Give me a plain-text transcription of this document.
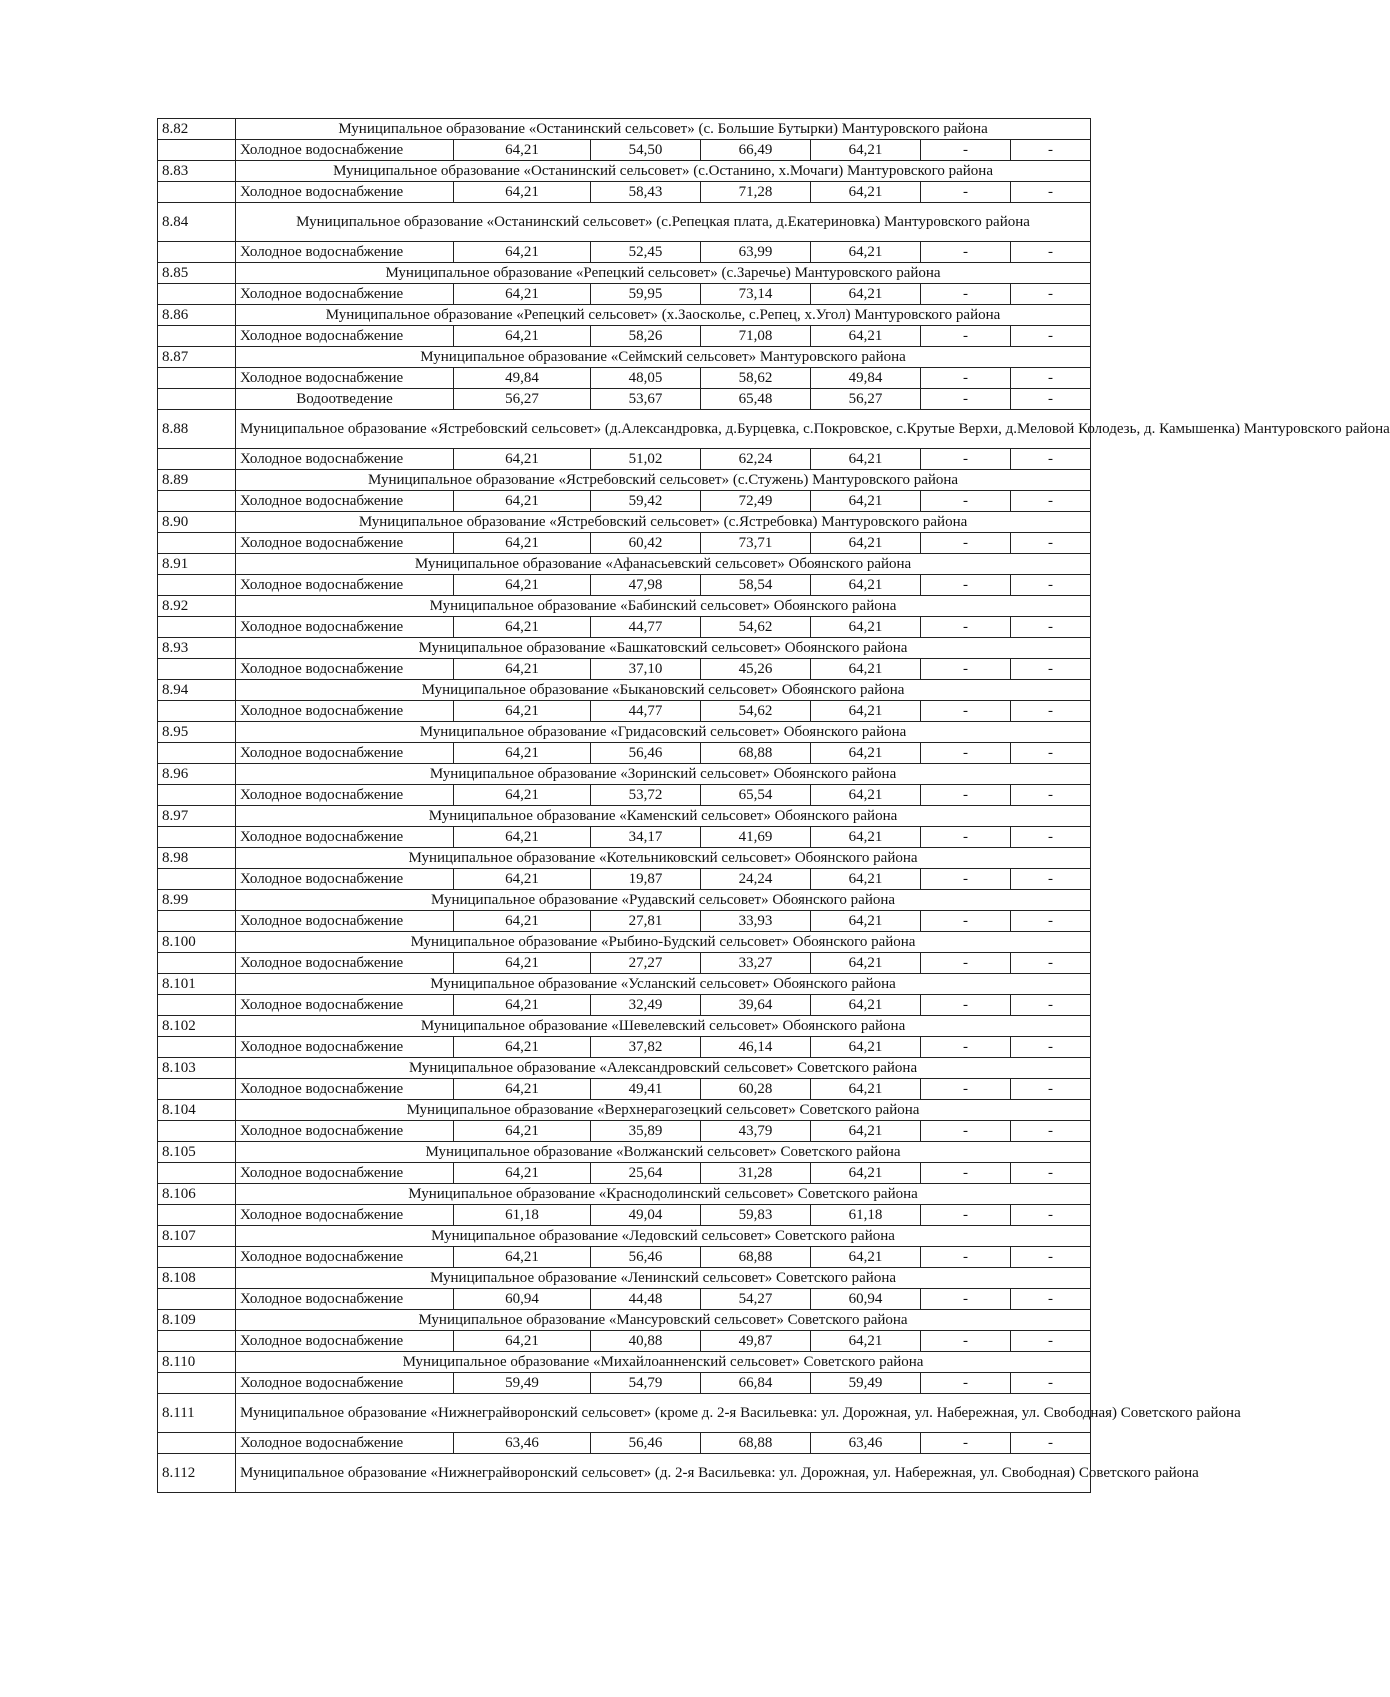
8.82	Муниципальное образование «Останинский сельсовет» (с. Большие Бутырки) Мантуровского района						
	Холодное водоснабжение	64,21	54,50	66,49	64,21	-	-
8.83	Муниципальное образование «Останинский сельсовет» (с.Останино, х.Мочаги) Мантуровского района						
	Холодное водоснабжение	64,21	58,43	71,28	64,21	-	-
8.84	Муниципальное образование «Останинский сельсовет» (с.Репецкая плата, д.Екатериновка) Мантуровского района						
	Холодное водоснабжение	64,21	52,45	63,99	64,21	-	-
8.85	Муниципальное образование «Репецкий сельсовет» (с.Заречье) Мантуровского района						
	Холодное водоснабжение	64,21	59,95	73,14	64,21	-	-
8.86	Муниципальное образование «Репецкий сельсовет» (х.Заосколье, с.Репец, х.Угол) Мантуровского района						
	Холодное водоснабжение	64,21	58,26	71,08	64,21	-	-
8.87	Муниципальное образование «Сеймский сельсовет» Мантуровского района						
	Холодное водоснабжение	49,84	48,05	58,62	49,84	-	-
	Водоотведение	56,27	53,67	65,48	56,27	-	-
8.88	Муниципальное образование «Ястребовский сельсовет» (д.Александровка, д.Бурцевка, с.Покровское, с.Крутые Верхи, д.Меловой Колодезь, д. Камышенка) Мантуровского района						
	Холодное водоснабжение	64,21	51,02	62,24	64,21	-	-
8.89	Муниципальное образование «Ястребовский сельсовет» (с.Стужень) Мантуровского района						
	Холодное водоснабжение	64,21	59,42	72,49	64,21	-	-
8.90	Муниципальное образование «Ястребовский сельсовет» (с.Ястребовка) Мантуровского района						
	Холодное водоснабжение	64,21	60,42	73,71	64,21	-	-
8.91	Муниципальное образование «Афанасьевский сельсовет» Обоянского района						
	Холодное водоснабжение	64,21	47,98	58,54	64,21	-	-
8.92	Муниципальное образование «Бабинский сельсовет» Обоянского района						
	Холодное водоснабжение	64,21	44,77	54,62	64,21	-	-
8.93	Муниципальное образование «Башкатовский сельсовет» Обоянского района						
	Холодное водоснабжение	64,21	37,10	45,26	64,21	-	-
8.94	Муниципальное образование «Быкановский сельсовет» Обоянского района						
	Холодное водоснабжение	64,21	44,77	54,62	64,21	-	-
8.95	Муниципальное образование «Гридасовский сельсовет» Обоянского района						
	Холодное водоснабжение	64,21	56,46	68,88	64,21	-	-
8.96	Муниципальное образование «Зоринский сельсовет» Обоянского района						
	Холодное водоснабжение	64,21	53,72	65,54	64,21	-	-
8.97	Муниципальное образование «Каменский сельсовет» Обоянского района						
	Холодное водоснабжение	64,21	34,17	41,69	64,21	-	-
8.98	Муниципальное образование «Котельниковский сельсовет» Обоянского района						
	Холодное водоснабжение	64,21	19,87	24,24	64,21	-	-
8.99	Муниципальное образование «Рудавский сельсовет» Обоянского района						
	Холодное водоснабжение	64,21	27,81	33,93	64,21	-	-
8.100	Муниципальное образование «Рыбино-Будский сельсовет» Обоянского района						
	Холодное водоснабжение	64,21	27,27	33,27	64,21	-	-
8.101	Муниципальное образование «Усланский сельсовет» Обоянского района						
	Холодное водоснабжение	64,21	32,49	39,64	64,21	-	-
8.102	Муниципальное образование «Шевелевский сельсовет» Обоянского района						
	Холодное водоснабжение	64,21	37,82	46,14	64,21	-	-
8.103	Муниципальное образование «Александровский сельсовет» Советского района						
	Холодное водоснабжение	64,21	49,41	60,28	64,21	-	-
8.104	Муниципальное образование «Верхнерагозецкий сельсовет» Советского района						
	Холодное водоснабжение	64,21	35,89	43,79	64,21	-	-
8.105	Муниципальное образование «Волжанский сельсовет» Советского района						
	Холодное водоснабжение	64,21	25,64	31,28	64,21	-	-
8.106	Муниципальное образование «Краснодолинский сельсовет» Советского района						
	Холодное водоснабжение	61,18	49,04	59,83	61,18	-	-
8.107	Муниципальное образование «Ледовский сельсовет» Советского района						
	Холодное водоснабжение	64,21	56,46	68,88	64,21	-	-
8.108	Муниципальное образование «Ленинский сельсовет» Советского района						
	Холодное водоснабжение	60,94	44,48	54,27	60,94	-	-
8.109	Муниципальное образование «Мансуровский сельсовет» Советского района						
	Холодное водоснабжение	64,21	40,88	49,87	64,21	-	-
8.110	Муниципальное образование «Михайлоанненский сельсовет» Советского района						
	Холодное водоснабжение	59,49	54,79	66,84	59,49	-	-
8.111	Муниципальное образование «Нижнеграйворонский сельсовет» (кроме д. 2-я Васильевка: ул. Дорожная, ул. Набережная, ул. Свободная) Советского района						
	Холодное водоснабжение	63,46	56,46	68,88	63,46	-	-
8.112	Муниципальное образование «Нижнеграйворонский сельсовет» (д. 2-я Васильевка: ул. Дорожная, ул. Набережная, ул. Свободная) Советского района						
